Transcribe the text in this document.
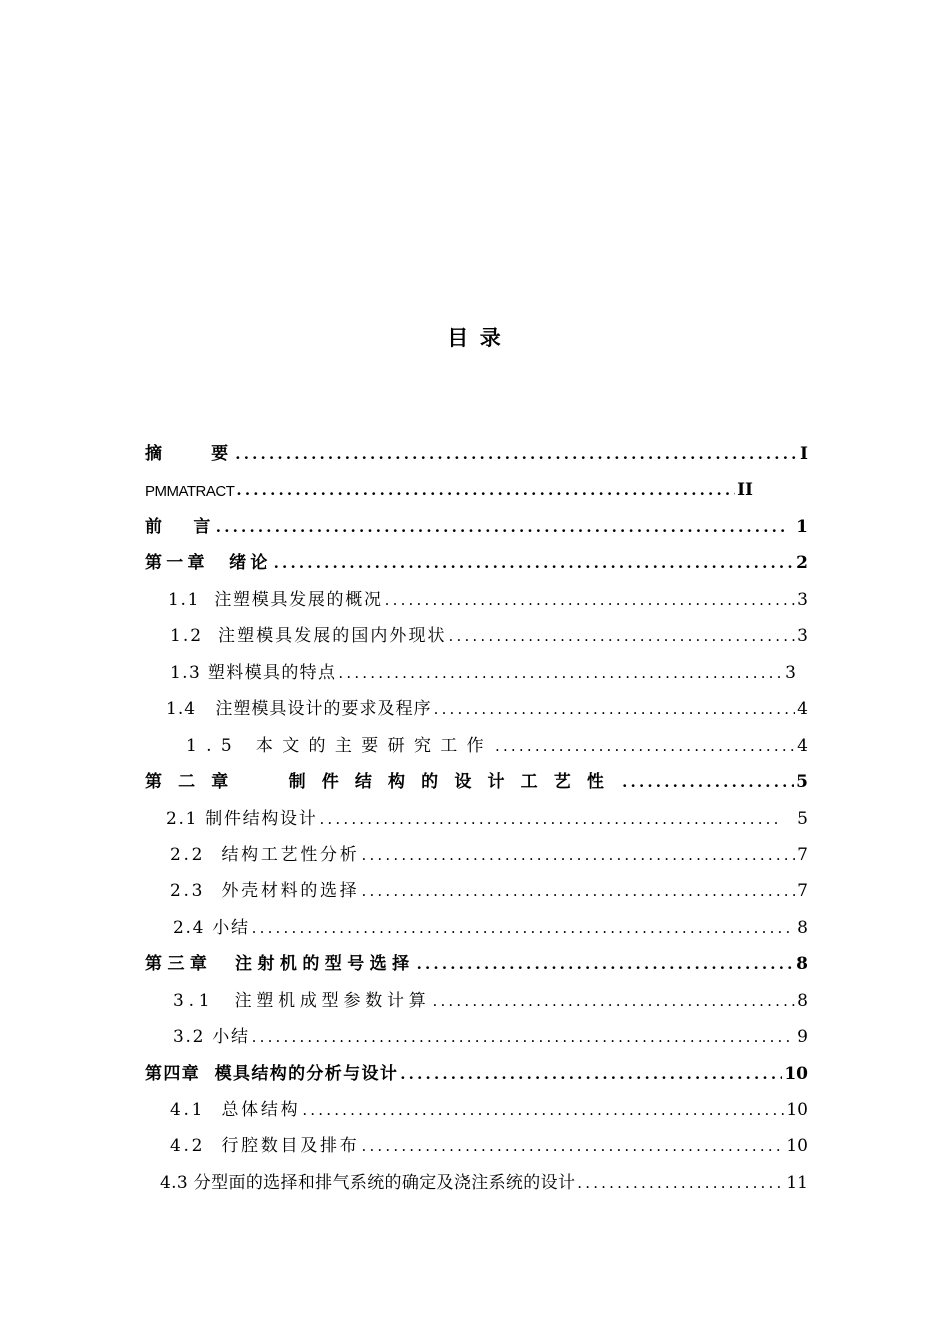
目 录
摘    要 .....	I
PMMATRACT .....	II
前   言 .....	1
第一章  绪论 .....	2
1.1  注塑模具发展的概况 .....	3
1.2  注塑模具发展的国内外现状 .....	3
1.3 塑料模具的特点 .....	3
1.4   注塑模具设计的要求及程序 .....	4
1.5 本文的主要研究工作 .....	4
第二章  制件结构的设计工艺性 .....	5
2.1 制件结构设计 .....	5
2.2  结构工艺性分析 .....	7
2.3  外壳材料的选择 .....	7
2.4 小结 .....	8
第三章  注射机的型号选择 .....	8
3.1  注塑机成型参数计算 .....	8
3.2 小结 .....	9
第四章  模具结构的分析与设计 .....	10
4.1  总体结构 .....	10
4.2  行腔数目及排布 .....	10
4.3 分型面的选择和排气系统的确定及浇注系统的设计 .....	11
